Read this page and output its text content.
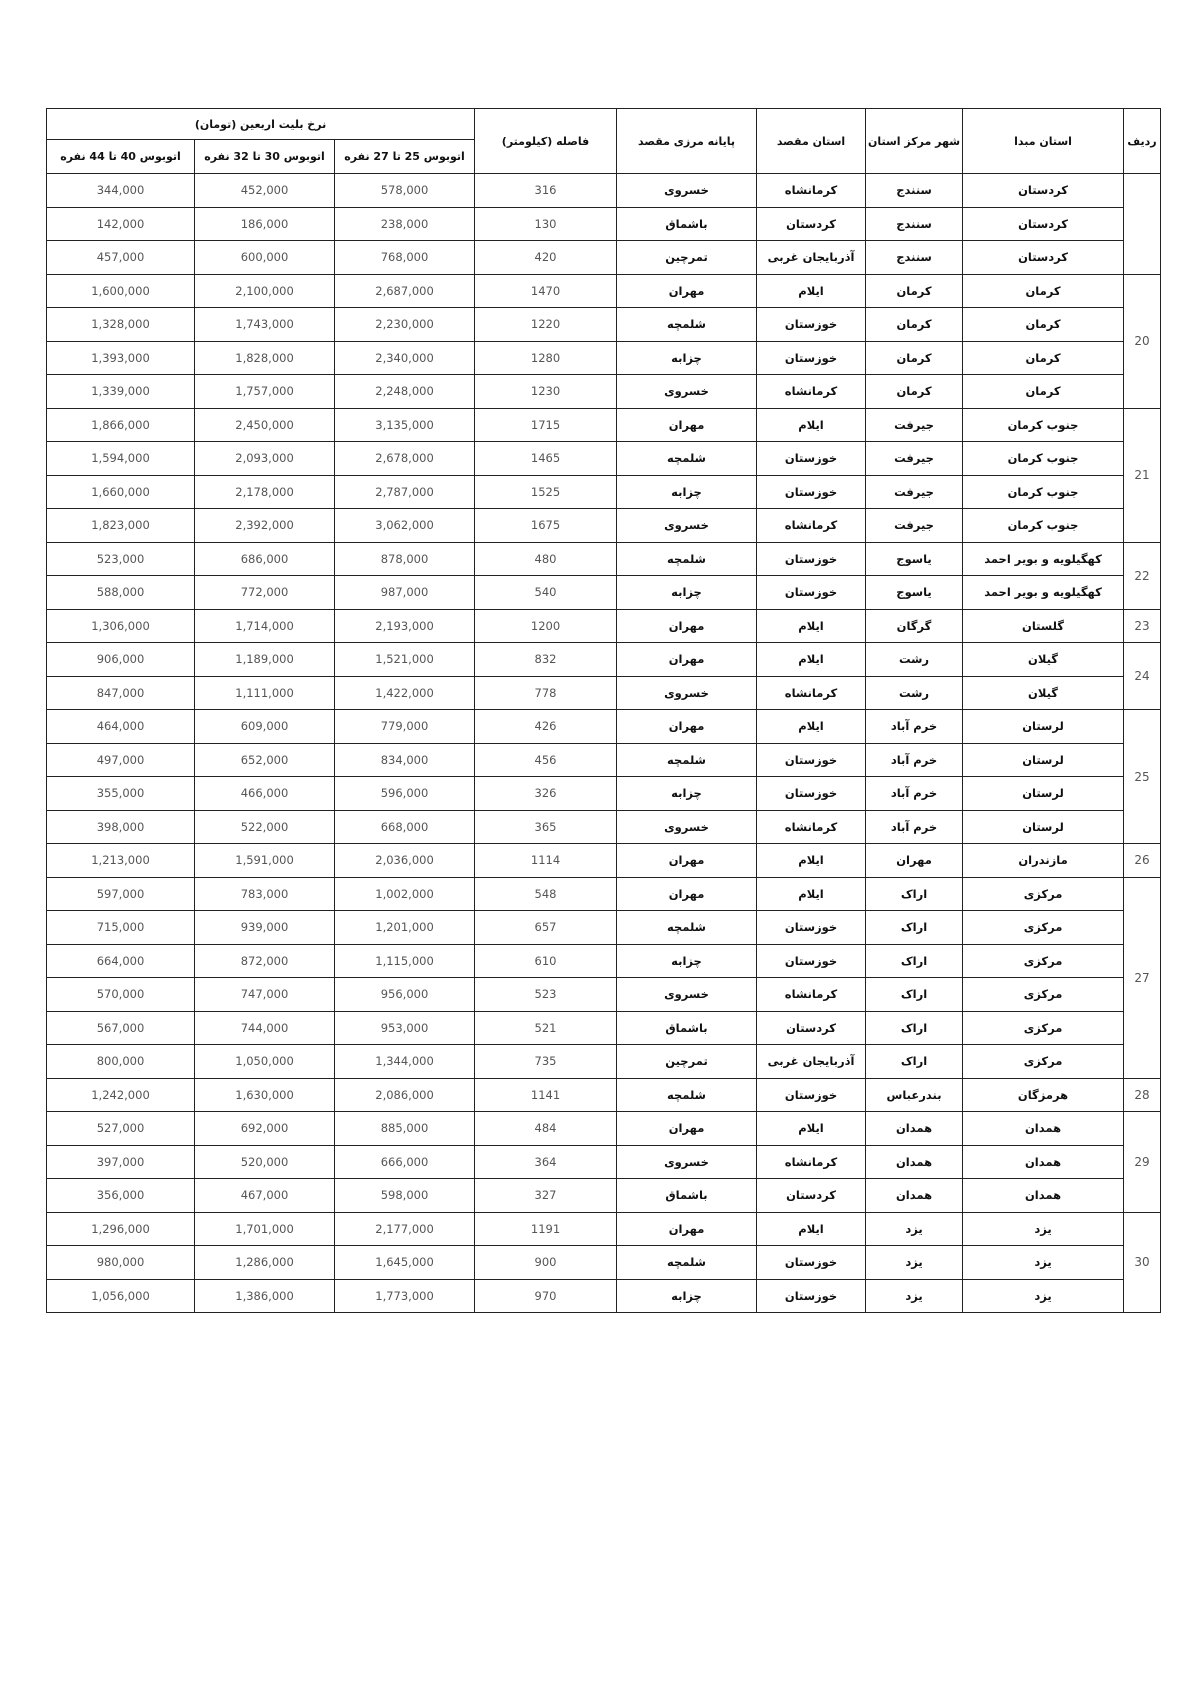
ردیف	استان مبدا	شهر مرکز استان	استان مقصد	پایانه مرزی مقصد	فاصله (کیلومتر)	نرخ بلیت اربعین (تومان)		
						اتوبوس 25 تا 27 نفره	اتوبوس 30 تا 32 نفره	اتوبوس 40 تا 44 نفره
	کردستان	سنندج	کرمانشاه	خسروی	316	578,000	452,000	344,000
	کردستان	سنندج	کردستان	باشماق	130	238,000	186,000	142,000
	کردستان	سنندج	آذربایجان غربی	تمرچین	420	768,000	600,000	457,000
20	کرمان	کرمان	ایلام	مهران	1470	2,687,000	2,100,000	1,600,000
	کرمان	کرمان	خوزستان	شلمچه	1220	2,230,000	1,743,000	1,328,000
	کرمان	کرمان	خوزستان	چزابه	1280	2,340,000	1,828,000	1,393,000
	کرمان	کرمان	کرمانشاه	خسروی	1230	2,248,000	1,757,000	1,339,000
21	جنوب کرمان	جیرفت	ایلام	مهران	1715	3,135,000	2,450,000	1,866,000
	جنوب کرمان	جیرفت	خوزستان	شلمچه	1465	2,678,000	2,093,000	1,594,000
	جنوب کرمان	جیرفت	خوزستان	چزابه	1525	2,787,000	2,178,000	1,660,000
	جنوب کرمان	جیرفت	کرمانشاه	خسروی	1675	3,062,000	2,392,000	1,823,000
22	کهگیلویه و بویر احمد	یاسوج	خوزستان	شلمچه	480	878,000	686,000	523,000
	کهگیلویه و بویر احمد	یاسوج	خوزستان	چزابه	540	987,000	772,000	588,000
23	گلستان	گرگان	ایلام	مهران	1200	2,193,000	1,714,000	1,306,000
24	گیلان	رشت	ایلام	مهران	832	1,521,000	1,189,000	906,000
	گیلان	رشت	کرمانشاه	خسروی	778	1,422,000	1,111,000	847,000
25	لرستان	خرم آباد	ایلام	مهران	426	779,000	609,000	464,000
	لرستان	خرم آباد	خوزستان	شلمچه	456	834,000	652,000	497,000
	لرستان	خرم آباد	خوزستان	چزابه	326	596,000	466,000	355,000
	لرستان	خرم آباد	کرمانشاه	خسروی	365	668,000	522,000	398,000
26	مازندران	مهران	ایلام	مهران	1114	2,036,000	1,591,000	1,213,000
27	مرکزی	اراک	ایلام	مهران	548	1,002,000	783,000	597,000
	مرکزی	اراک	خوزستان	شلمچه	657	1,201,000	939,000	715,000
	مرکزی	اراک	خوزستان	چزابه	610	1,115,000	872,000	664,000
	مرکزی	اراک	کرمانشاه	خسروی	523	956,000	747,000	570,000
	مرکزی	اراک	کردستان	باشماق	521	953,000	744,000	567,000
	مرکزی	اراک	آذربایجان غربی	تمرچین	735	1,344,000	1,050,000	800,000
28	هرمزگان	بندرعباس	خوزستان	شلمچه	1141	2,086,000	1,630,000	1,242,000
29	همدان	همدان	ایلام	مهران	484	885,000	692,000	527,000
	همدان	همدان	کرمانشاه	خسروی	364	666,000	520,000	397,000
	همدان	همدان	کردستان	باشماق	327	598,000	467,000	356,000
30	یزد	یزد	ایلام	مهران	1191	2,177,000	1,701,000	1,296,000
	یزد	یزد	خوزستان	شلمچه	900	1,645,000	1,286,000	980,000
	یزد	یزد	خوزستان	چزابه	970	1,773,000	1,386,000	1,056,000
